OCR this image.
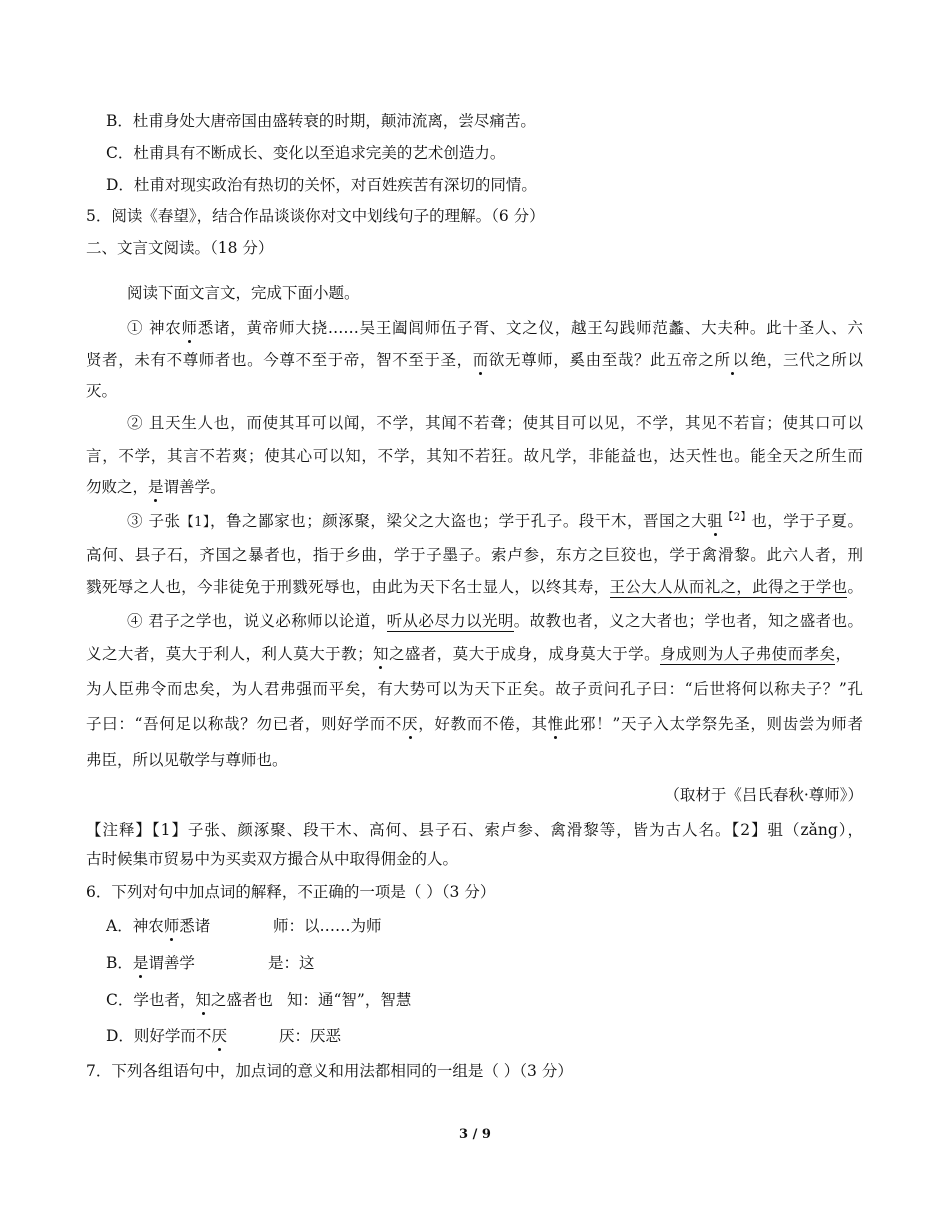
B．杜甫身处大唐帝国由盛转衰的时期，颠沛流离，尝尽痛苦。
C．杜甫具有不断成长、变化以至追求完美的艺术创造力。
D．杜甫对现实政治有热切的关怀，对百姓疾苦有深切的同情。
5．阅读《春望》，结合作品谈谈你对文中划线句子的理解。（6 分）
二、文言文阅读。（18 分）
阅读下面文言文，完成下面小题。
① 神农师悉诸，黄帝师大挠……吴王阖闾师伍子胥、文之仪，越王勾践师范蠡、大夫种。此十圣人、六
贤者，未有不尊师者也。今尊不至于帝，智不至于圣，而欲无尊师，奚由至哉？此五帝之所以绝，三代之所以
灭。
② 且天生人也，而使其耳可以闻，不学，其闻不若聋；使其目可以见，不学，其见不若盲；使其口可以
言，不学，其言不若爽；使其心可以知，不学，其知不若狂。故凡学，非能益也，达天性也。能全天之所生而
勿败之，是谓善学。
③ 子张【1】，鲁之鄙家也；颜涿聚，梁父之大盗也；学于孔子。段干木，晋国之大驵$^{【2】}$也，学于子夏。
高何、县子石，齐国之暴者也，指于乡曲，学于子墨子。索卢参，东方之巨狡也，学于禽滑黎。此六人者，刑
戮死辱之人也，今非徒免于刑戮死辱也，由此为天下名士显人，以终其寿，王公大人从而礼之，此得之于学也。
④ 君子之学也，说义必称师以论道，听从必尽力以光明。故教也者，义之大者也；学也者，知之盛者也。
义之大者，莫大于利人，利人莫大于教；知之盛者，莫大于成身，成身莫大于学。身成则为人子弗使而孝矣，
为人臣弗令而忠矣，为人君弗强而平矣，有大势可以为天下正矣。故子贡问孔子曰：“后世将何以称夫子？”孔
子曰：“吾何足以称哉？勿已者，则好学而不厌，好教而不倦，其惟此邪！”天子入太学祭先圣，则齿尝为师者
弗臣，所以见敬学与尊师也。
（取材于《吕氏春秋·尊师》）
【注释】【1】子张、颜涿聚、段干木、高何、县子石、索卢参、禽滑黎等，皆为古人名。【2】驵（zǎng），
古时候集市贸易中为买卖双方撮合从中取得佣金的人。
6．下列对句中加点词的解释，不正确的一项是（ ）（3 分）
A．神农师悉诸	师：以……为师
B．是谓善学	是：这
C．学也者，知之盛者也 知：通“智”，智慧
D．则好学而不厌	厌：厌恶
7．下列各组语句中，加点词的意义和用法都相同的一组是（ ）（3 分）
3 / 9
